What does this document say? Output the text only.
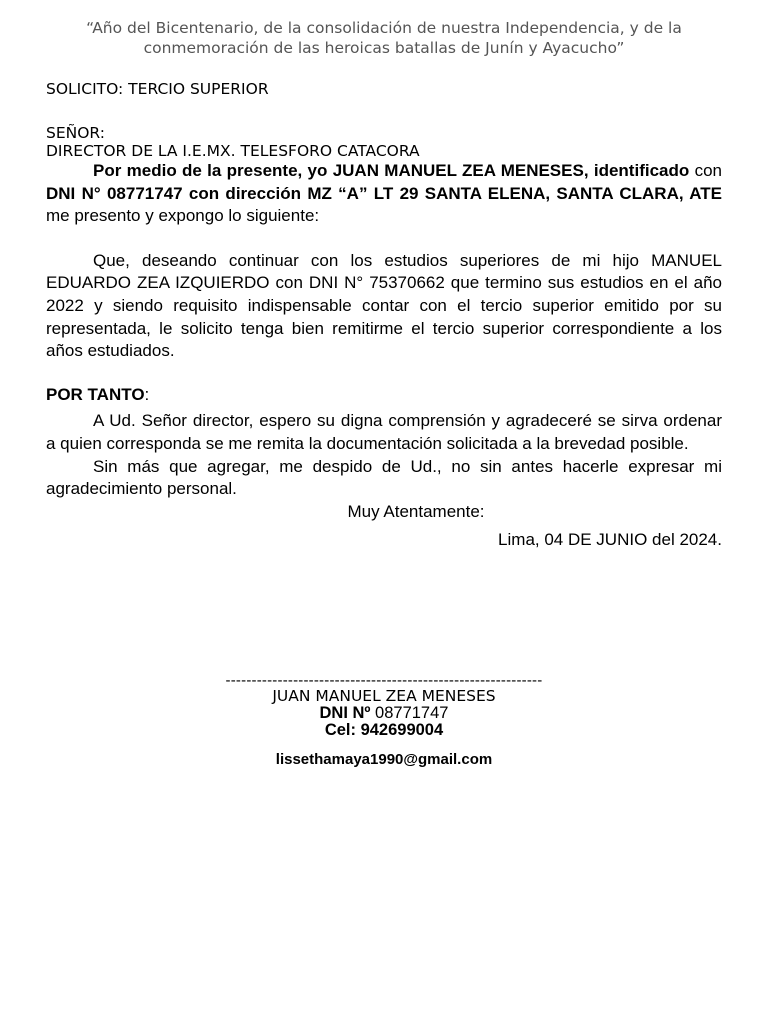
“Año del Bicentenario, de la consolidación de nuestra Independencia, y de la
conmemoración de las heroicas batallas de Junín y Ayacucho”
SOLICITO: TERCIO SUPERIOR
SEÑOR:
DIRECTOR DE LA I.E.MX. TELESFORO CATACORA
Por medio de la presente, yo JUAN MANUEL ZEA MENESES, identificado con DNI N° 08771747 con dirección MZ “A” LT 29 SANTA ELENA, SANTA CLARA, ATE me presento y expongo lo siguiente:
Que, deseando continuar con los estudios superiores de mi hijo MANUEL EDUARDO ZEA IZQUIERDO con DNI N° 75370662 que termino sus estudios en el año 2022 y siendo requisito indispensable contar con el tercio superior emitido por su representada, le solicito tenga bien remitirme el tercio superior correspondiente a los años estudiados.
POR TANTO:
A Ud. Señor director, espero su digna comprensión y agradeceré se sirva ordenar a quien corresponda se me remita la documentación solicitada a la brevedad posible.
Sin más que agregar, me despido de Ud., no sin antes hacerle expresar mi agradecimiento personal.
Muy Atentamente:
Lima, 04 DE JUNIO del 2024.
-------------------------------------------------------------
JUAN MANUEL ZEA MENESES
DNI Nº 08771747
Cel: 942699004
lissethamaya1990@gmail.com
